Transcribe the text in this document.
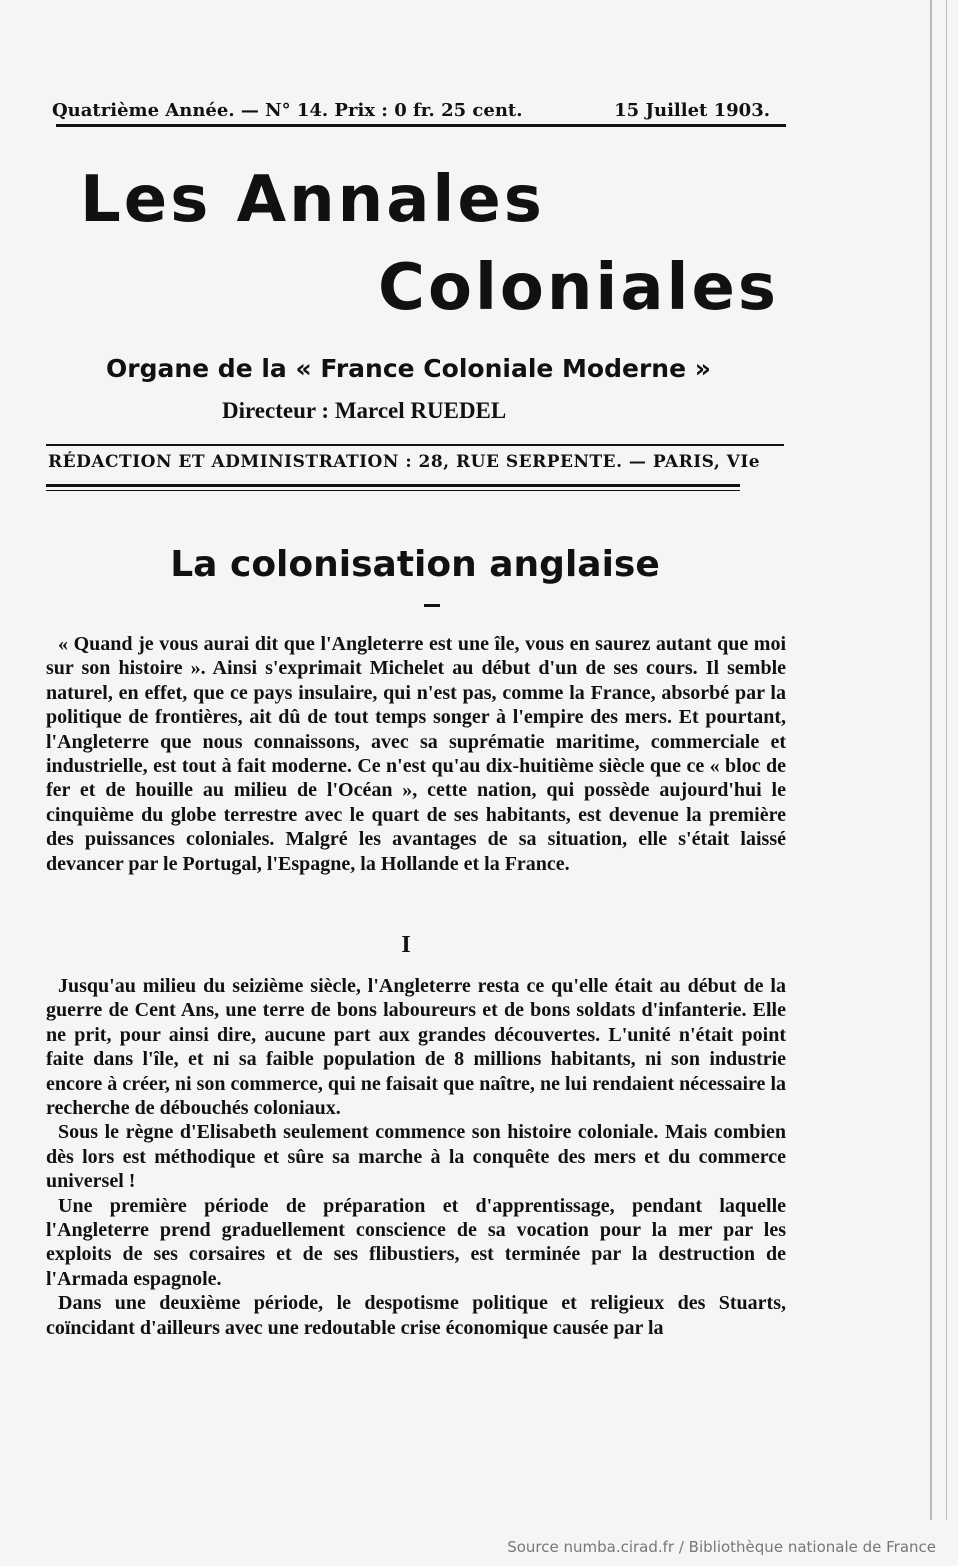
Quatrième Année. — N° 14. Prix : 0 fr. 25 cent.	15 Juillet 1903.
Les Annales
Coloniales
Organe de la « France Coloniale Moderne »
Directeur : Marcel RUEDEL
RÉDACTION ET ADMINISTRATION : 28, RUE SERPENTE. — PARIS, VIe
La colonisation anglaise

« Quand je vous aurai dit que l'Angleterre est une île, vous en saurez autant que moi sur son histoire ». Ainsi s'exprimait Michelet au début d'un de ses cours. Il semble naturel, en effet, que ce pays insulaire, qui n'est pas, comme la France, absorbé par la politique de frontières, ait dû de tout temps songer à l'empire des mers. Et pourtant, l'Angleterre que nous connaissons, avec sa suprématie maritime, commerciale et industrielle, est tout à fait moderne. Ce n'est qu'au dix-huitième siècle que ce « bloc de fer et de houille au milieu de l'Océan », cette nation, qui possède aujourd'hui le cinquième du globe terrestre avec le quart de ses habitants, est devenue la première des puissances coloniales. Malgré les avantages de sa situation, elle s'était laissé devancer par le Portugal, l'Espagne, la Hollande et la France.

I

Jusqu'au milieu du seizième siècle, l'Angleterre resta ce qu'elle était au début de la guerre de Cent Ans, une terre de bons laboureurs et de bons soldats d'infanterie. Elle ne prit, pour ainsi dire, aucune part aux grandes découvertes. L'unité n'était point faite dans l'île, et ni sa faible population de 8 millions habitants, ni son industrie encore à créer, ni son commerce, qui ne faisait que naître, ne lui rendaient nécessaire la recherche de débouchés coloniaux.

Sous le règne d'Elisabeth seulement commence son histoire coloniale. Mais combien dès lors est méthodique et sûre sa marche à la conquête des mers et du commerce universel !

Une première période de préparation et d'apprentissage, pendant laquelle l'Angleterre prend graduellement conscience de sa vocation pour la mer par les exploits de ses corsaires et de ses flibustiers, est terminée par la destruction de l'Armada espagnole.

Dans une deuxième période, le despotisme politique et religieux des Stuarts, coïncidant d'ailleurs avec une redoutable crise économique causée par la

Source numba.cirad.fr / Bibliothèque nationale de France
